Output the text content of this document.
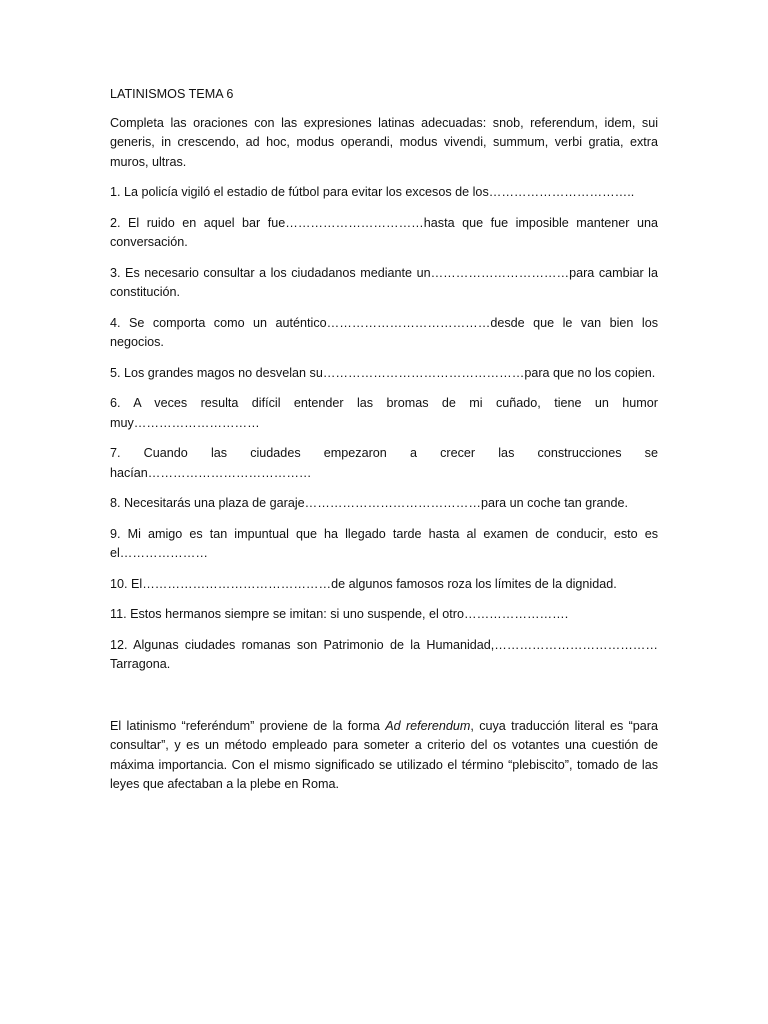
LATINISMOS TEMA 6

Completa las oraciones con las expresiones latinas adecuadas: snob, referendum, idem, sui generis, in crescendo, ad hoc, modus operandi, modus vivendi, summum, verbi gratia, extra muros, ultras.

1. La policía vigiló el estadio de fútbol para evitar los excesos de los……………………………..

2. El ruido en aquel bar fue……………………………hasta que fue imposible mantener una conversación.

3. Es necesario consultar a los ciudadanos mediante un……………………………para cambiar la constitución.

4. Se comporta como un auténtico…………………………………desde que le van bien los negocios.

5. Los grandes magos no desvelan su…………………………………………para que no los copien.

6. A veces resulta difícil entender las bromas de mi cuñado, tiene un humor muy…………………………

7. Cuando las ciudades empezaron a crecer las construcciones se hacían…………………………………

8. Necesitarás una plaza de garaje……………………………………para un coche tan grande.

9. Mi amigo es tan impuntual que ha llegado tarde hasta al examen de conducir, esto es el…………………

10. El………………………………………de algunos famosos roza los límites de la dignidad.

11. Estos hermanos siempre se imitan: si uno suspende, el otro…………………….

12. Algunas ciudades romanas son Patrimonio de la Humanidad,………………………………… Tarragona.

El latinismo “referéndum” proviene de la forma Ad referendum, cuya traducción literal es “para consultar”, y es un método empleado para someter a criterio del os votantes una cuestión de máxima importancia. Con el mismo significado se utilizado el término “plebiscito”, tomado de las leyes que afectaban a la plebe en Roma.
